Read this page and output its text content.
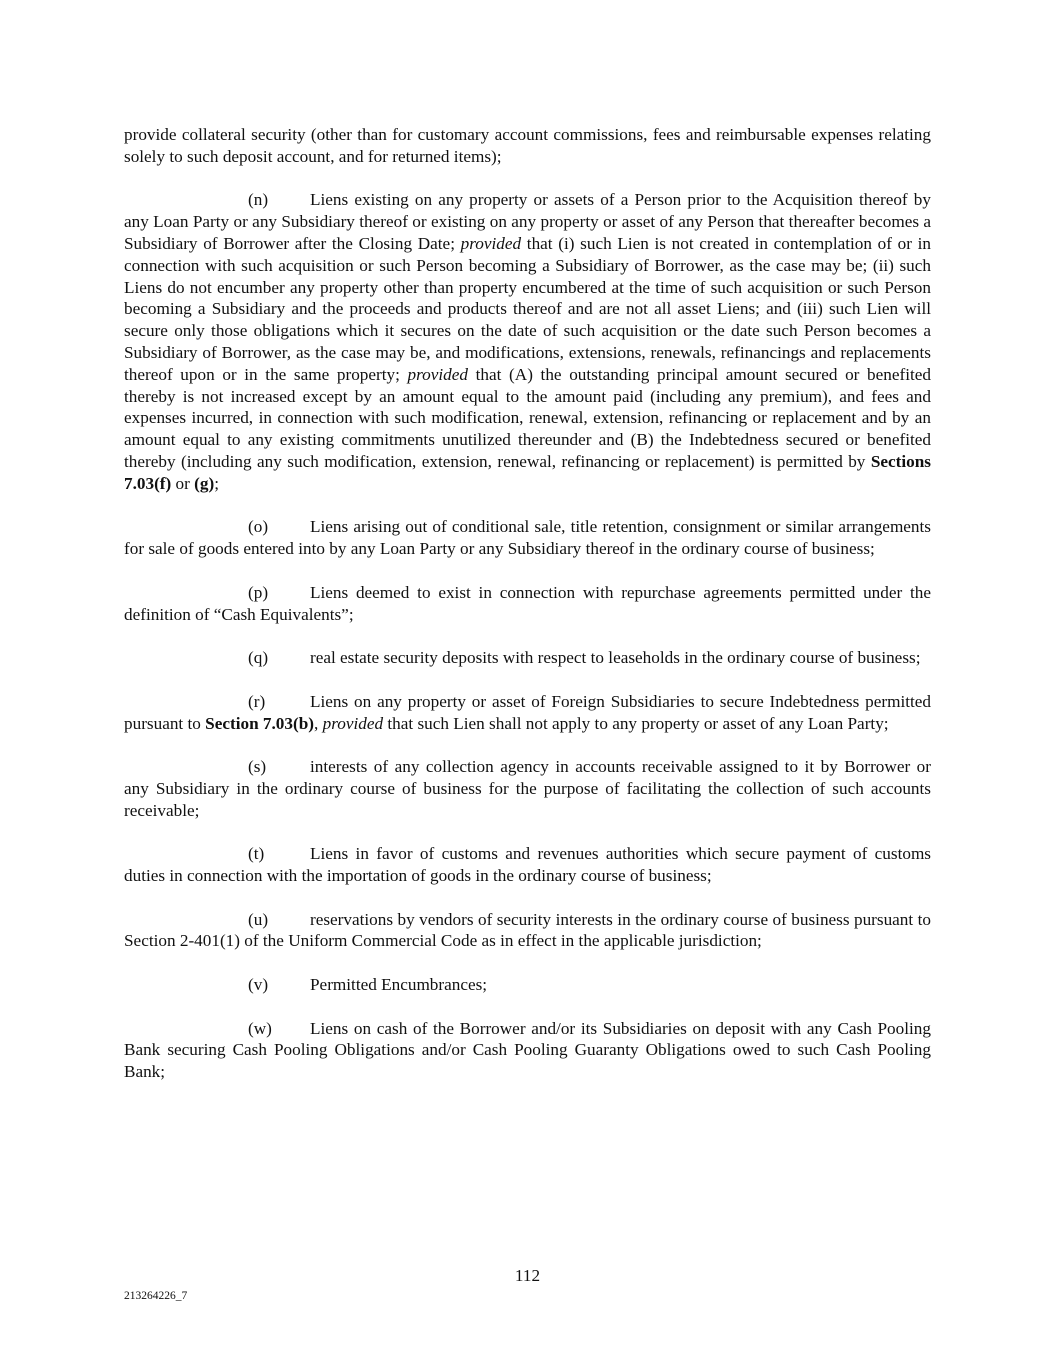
provide collateral security (other than for customary account commissions, fees and reimbursable expenses relating solely to such deposit account, and for returned items);

(n) Liens existing on any property or assets of a Person prior to the Acquisition thereof by any Loan Party or any Subsidiary thereof or existing on any property or asset of any Person that thereafter becomes a Subsidiary of Borrower after the Closing Date; provided that (i) such Lien is not created in contemplation of or in connection with such acquisition or such Person becoming a Subsidiary of Borrower, as the case may be; (ii) such Liens do not encumber any property other than property encumbered at the time of such acquisition or such Person becoming a Subsidiary and the proceeds and products thereof and are not all asset Liens; and (iii) such Lien will secure only those obligations which it secures on the date of such acquisition or the date such Person becomes a Subsidiary of Borrower, as the case may be, and modifications, extensions, renewals, refinancings and replacements thereof upon or in the same property; provided that (A) the outstanding principal amount secured or benefited thereby is not increased except by an amount equal to the amount paid (including any premium), and fees and expenses incurred, in connection with such modification, renewal, extension, refinancing or replacement and by an amount equal to any existing commitments unutilized thereunder and (B) the Indebtedness secured or benefited thereby (including any such modification, extension, renewal, refinancing or replacement) is permitted by Sections 7.03(f) or (g);

(o) Liens arising out of conditional sale, title retention, consignment or similar arrangements for sale of goods entered into by any Loan Party or any Subsidiary thereof in the ordinary course of business;

(p) Liens deemed to exist in connection with repurchase agreements permitted under the definition of “Cash Equivalents”;

(q) real estate security deposits with respect to leaseholds in the ordinary course of business;

(r)	Liens on any property or asset of Foreign Subsidiaries to secure Indebtedness permitted pursuant to Section 7.03(b), provided that such Lien shall not apply to any property or asset of any Loan Party;

(s)	interests of any collection agency in accounts receivable assigned to it by Borrower or any Subsidiary in the ordinary course of business for the purpose of facilitating the collection of such accounts receivable;

(t)	Liens in favor of customs and revenues authorities which secure payment of customs duties in connection with the importation of goods in the ordinary course of business;

(u) reservations by vendors of security interests in the ordinary course of business pursuant to Section 2-401(1) of the Uniform Commercial Code as in effect in the applicable jurisdiction;

(v) Permitted Encumbrances;

(w) Liens on cash of the Borrower and/or its Subsidiaries on deposit with any Cash Pooling Bank securing Cash Pooling Obligations and/or Cash Pooling Guaranty Obligations owed to such Cash Pooling Bank;

112
213264226_7
